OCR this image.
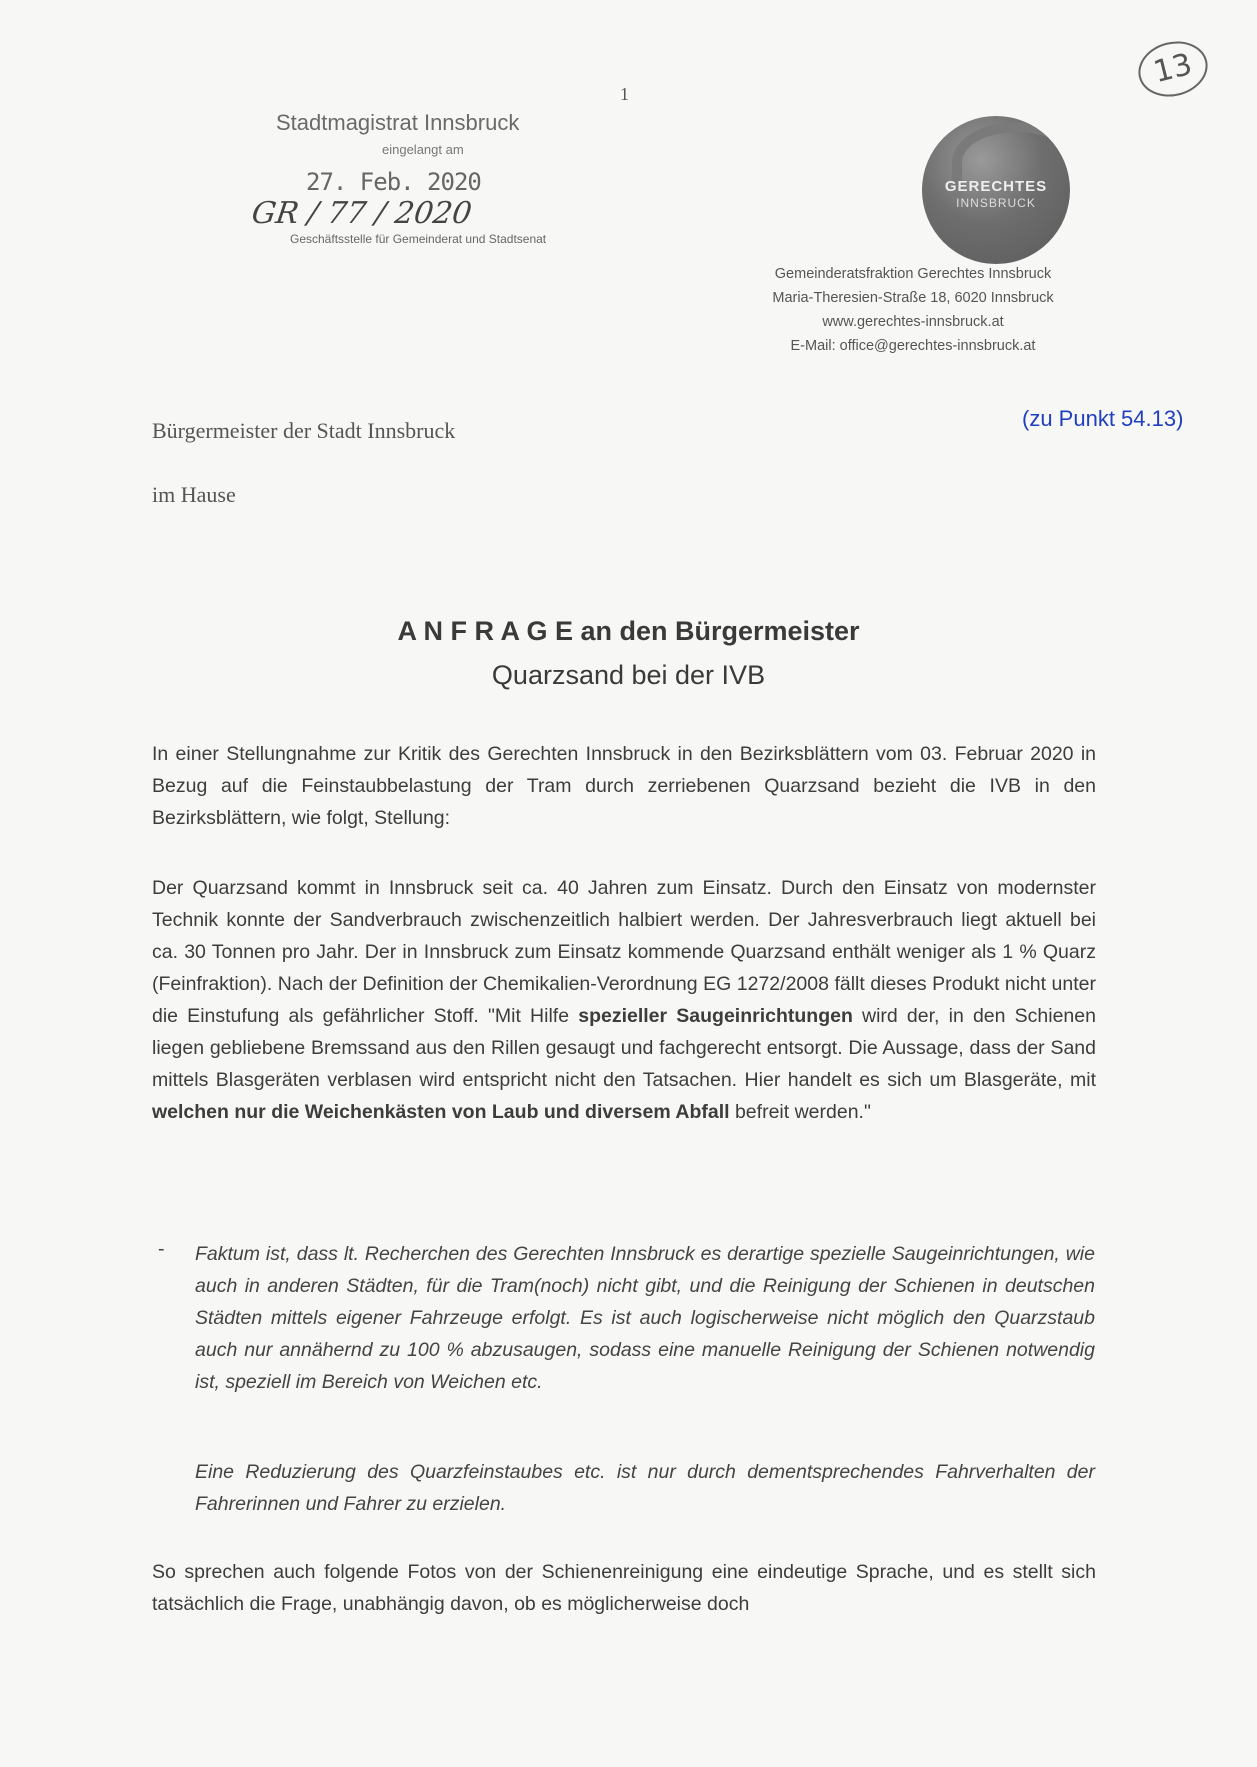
1
13
Stadtmagistrat Innsbruck
eingelangt am
27. Feb. 2020
GR / 77 / 2020
Geschäftsstelle für Gemeinderat und Stadtsenat
GERECHTES
INNSBRUCK
Gemeinderatsfraktion Gerechtes Innsbruck
Maria-Theresien-Straße 18, 6020 Innsbruck
www.gerechtes-innsbruck.at
E-Mail: office@gerechtes-innsbruck.at
(zu Punkt 54.13)
Bürgermeister der Stadt Innsbruck
im Hause
A N F R A G E an den Bürgermeister
Quarzsand bei der IVB
In einer Stellungnahme zur Kritik des Gerechten Innsbruck in den Bezirksblättern vom 03. Februar 2020 in Bezug auf die Feinstaubbelastung der Tram durch zerriebenen Quarzsand bezieht die IVB in den Bezirksblättern, wie folgt, Stellung:
Der Quarzsand kommt in Innsbruck seit ca. 40 Jahren zum Einsatz. Durch den Einsatz von modernster Technik konnte der Sandverbrauch zwischenzeitlich halbiert werden. Der Jahresverbrauch liegt aktuell bei ca. 30 Tonnen pro Jahr. Der in Innsbruck zum Einsatz kommende Quarzsand enthält weniger als 1 % Quarz (Feinfraktion). Nach der Definition der Chemikalien-Verordnung EG 1272/2008 fällt dieses Produkt nicht unter die Einstufung als gefährlicher Stoff. "Mit Hilfe spezieller Saugeinrichtungen wird der, in den Schienen liegen gebliebene Bremssand aus den Rillen gesaugt und fachgerecht entsorgt. Die Aussage, dass der Sand mittels Blasgeräten verblasen wird entspricht nicht den Tatsachen. Hier handelt es sich um Blasgeräte, mit welchen nur die Weichenkästen von Laub und diversem Abfall befreit werden."
- Faktum ist, dass lt. Recherchen des Gerechten Innsbruck es derartige spezielle Saugeinrichtungen, wie auch in anderen Städten, für die Tram(noch) nicht gibt, und die Reinigung der Schienen in deutschen Städten mittels eigener Fahrzeuge erfolgt. Es ist auch logischerweise nicht möglich den Quarzstaub auch nur annähernd zu 100 % abzusaugen, sodass eine manuelle Reinigung der Schienen notwendig ist, speziell im Bereich von Weichen etc.
Eine Reduzierung des Quarzfeinstaubes etc. ist nur durch dementsprechendes Fahrverhalten der Fahrerinnen und Fahrer zu erzielen.
So sprechen auch folgende Fotos von der Schienenreinigung eine eindeutige Sprache, und es stellt sich tatsächlich die Frage, unabhängig davon, ob es möglicherweise doch
